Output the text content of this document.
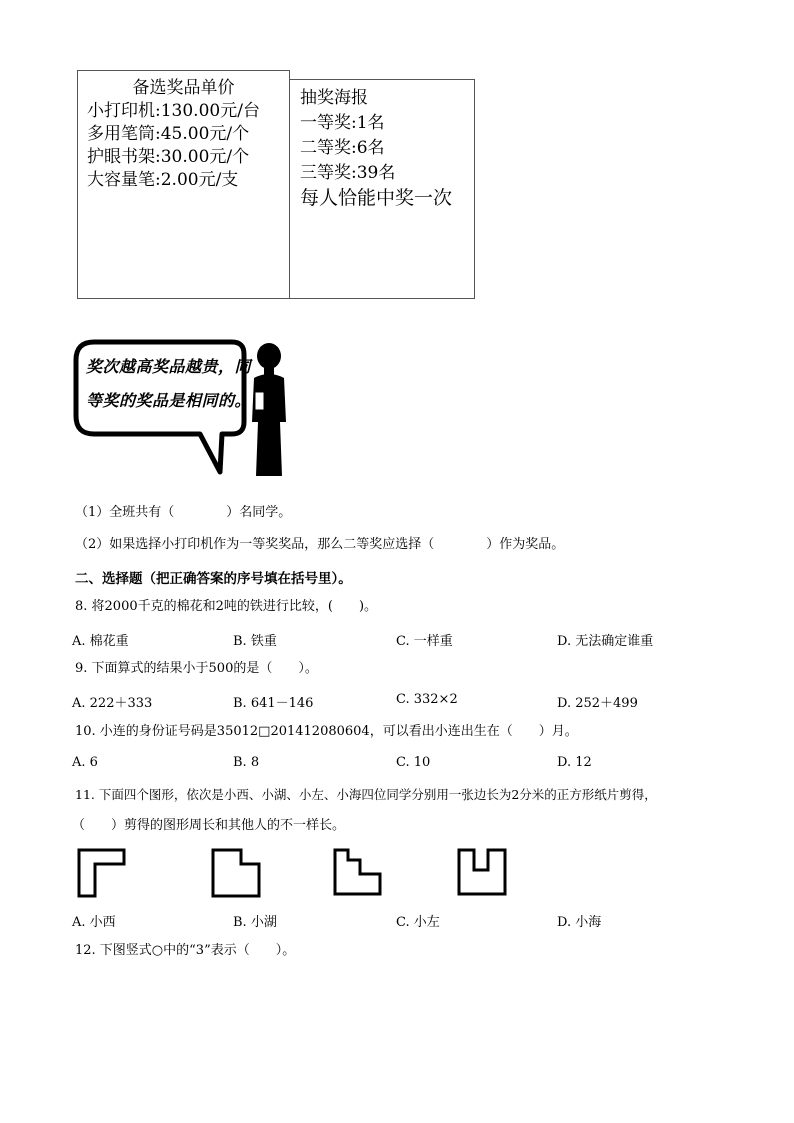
备选奖品单价
小打印机:130.00元/台
多用笔筒:45.00元/个
护眼书架:30.00元/个
大容量笔:2.00元/支
抽奖海报
一等奖:1名
二等奖:6名
三等奖:39名
每人恰能中奖一次
奖次越高奖品越贵，同
等奖的奖品是相同的。
（1）全班共有（　　　　）名同学。
（2）如果选择小打印机作为一等奖奖品，那么二等奖应选择（　　　　）作为奖品。
二、选择题（把正确答案的序号填在括号里）。
8. 将2000千克的棉花和2吨的铁进行比较，(　　)。
A. 棉花重	B. 铁重	C. 一样重	D. 无法确定谁重
9. 下面算式的结果小于500的是（　　）。
A. 222＋333	B. 641－146	C. 332×2	D. 252＋499
10. 小连的身份证号码是35012□201412080604，可以看出小连出生在（　　）月。
A. 6	B. 8	C. 10	D. 12
11. 下面四个图形，依次是小西、小湖、小左、小海四位同学分别用一张边长为2分米的正方形纸片剪得，
（　　）剪得的图形周长和其他人的不一样长。
A. 小西	B. 小湖	C. 小左	D. 小海
12. 下图竖式○中的“3”表示（　　）。
